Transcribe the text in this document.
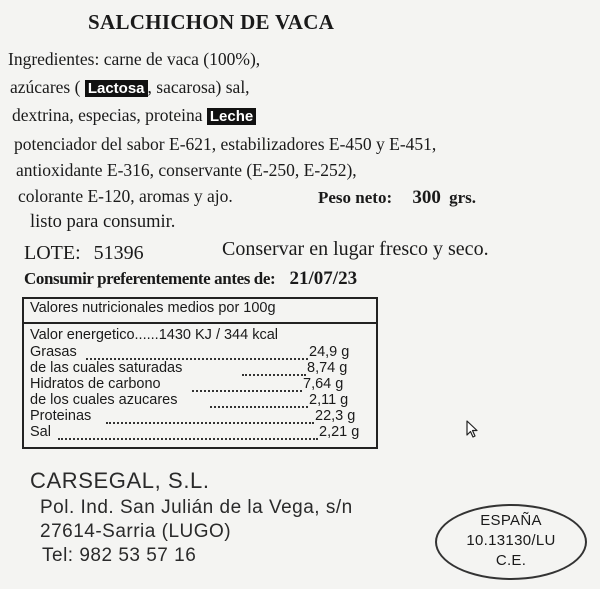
SALCHICHON DE VACA
Ingredientes: carne de vaca (100%),
azúcares ( Lactosa , sacarosa) sal,
dextrina, especias, proteina Leche
potenciador del sabor E-621, estabilizadores E-450 y E-451,
antioxidante E-316, conservante (E-250, E-252),
colorante E-120, aromas y ajo.	Peso neto: 300 grs.
listo para consumir.
LOTE: 51396	Conservar en lugar fresco y seco.
Consumir preferentemente antes de: 21/07/23
Valores nutricionales medios por 100g
Valor energetico......1430 KJ / 344 kcal
Grasas	24,9 g
de las cuales saturadas	8,74 g
Hidratos de carbono	7,64 g
de los cuales azucares	2,11 g
Proteinas	22,3 g
Sal	2,21 g
CARSEGAL, S.L.
Pol. Ind. San Julián de la Vega, s/n
27614-Sarria (LUGO)
Tel: 982 53 57 16
ESPAÑA
10.13130/LU
C.E.
